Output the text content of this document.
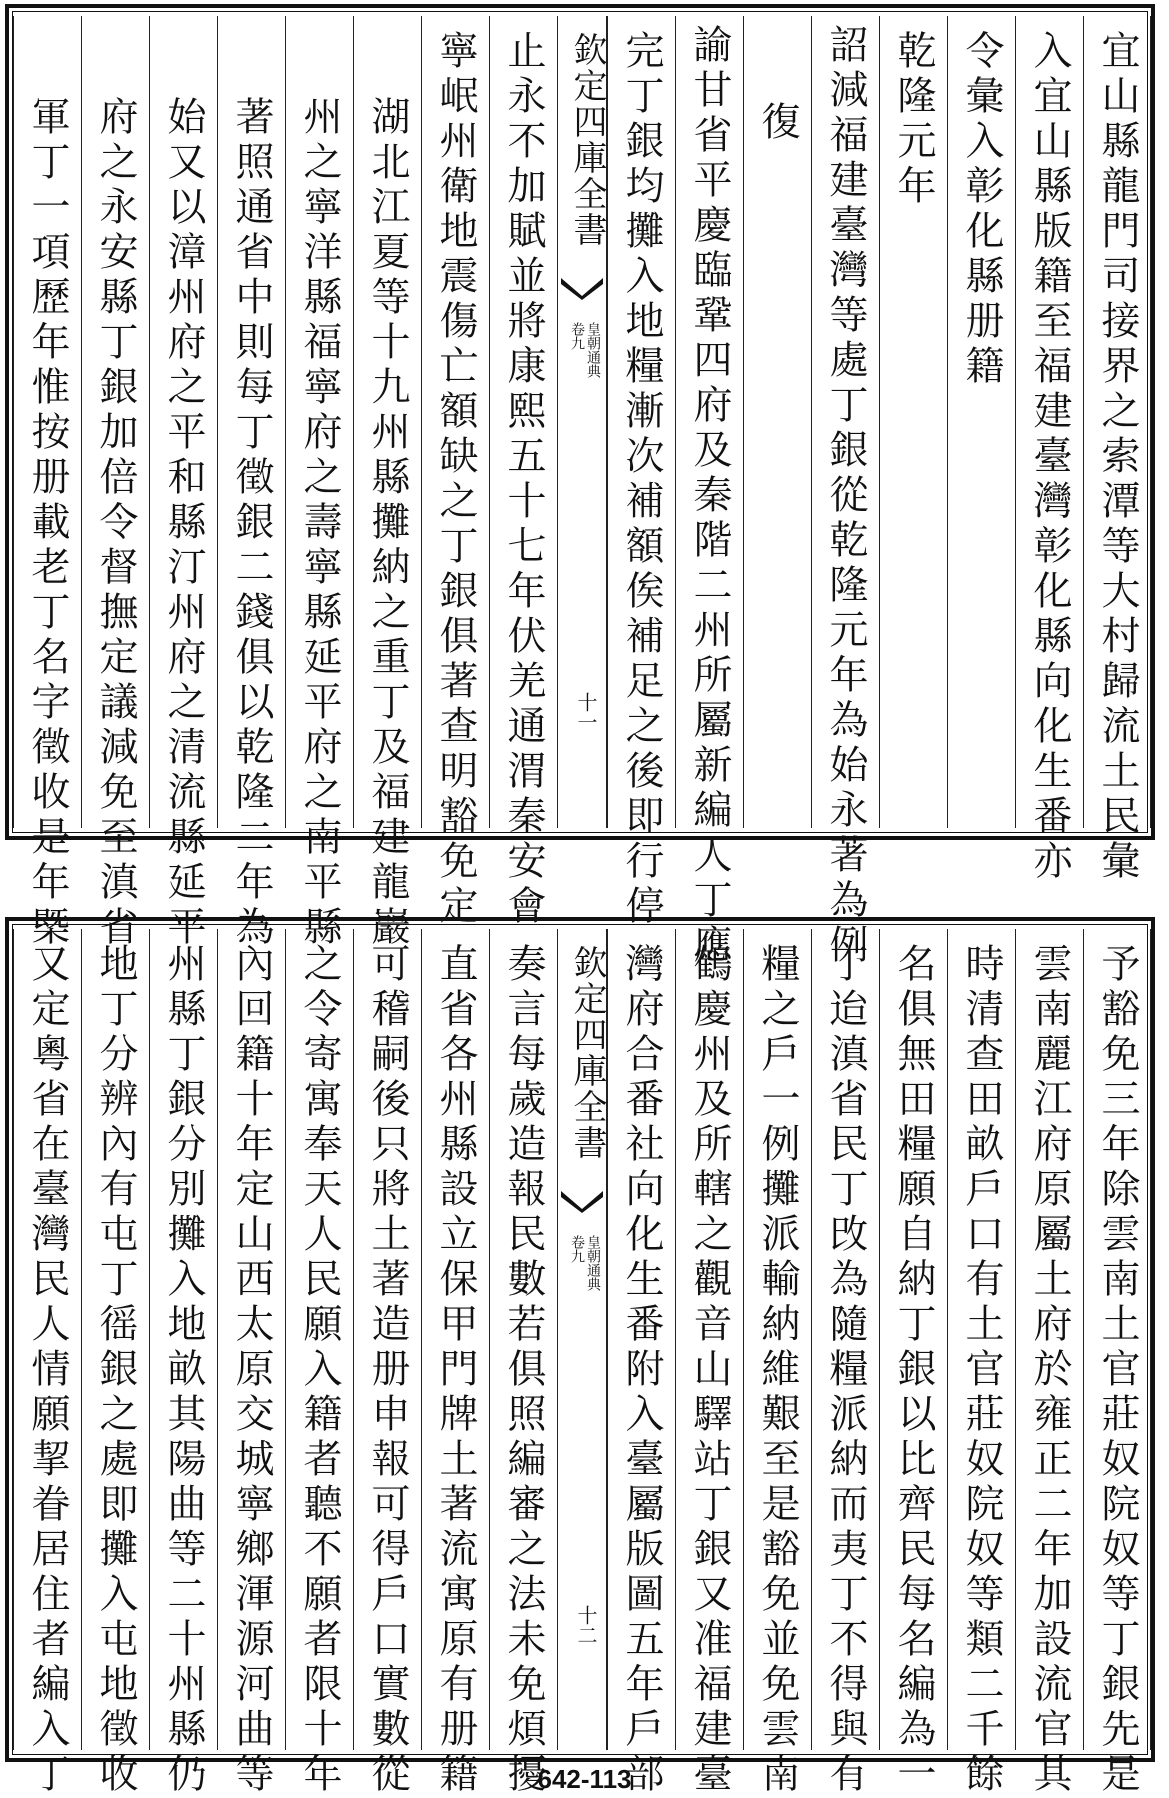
宜山縣龍門司接界之索潭等大村歸流土民彙
入宜山縣版籍至福建臺灣彰化縣向化生番亦
令彙入彰化縣册籍
乾隆元年
詔減福建臺灣等處丁銀從乾隆元年為始永著為例
復
諭甘省平慶臨鞏四府及秦階二州所屬新編人丁應
完丁銀均攤入地糧漸次補額俟補足之後即行停
欽定四庫全書
皇朝通典
卷九
十一
止永不加賦並將康熙五十七年伏羌通渭秦安會
寧岷州衛地震傷亡額缺之丁銀俱著查明豁免定
湖北江夏等十九州縣攤納之重丁及福建龍巖
州之寧洋縣福寧府之壽寧縣延平府之南平縣
著照通省中則每丁徵銀二錢俱以乾隆二年為
始又以漳州府之平和縣汀州府之清流縣延平
府之永安縣丁銀加倍令督撫定議減免至滇省
軍丁一項歷年惟按册載老丁名字徵收是年槩
予豁免三年除雲南土官莊奴院奴等丁銀先是
雲南麗江府原屬土府於雍正二年加設流官其
時清查田畝戶口有土官莊奴院奴等類二千餘
名俱無田糧願自納丁銀以比齊民每名編為一
丁迨滇省民丁攺為隨糧派納而夷丁不得與有
糧之戶一例攤派輸納維艱至是豁免並免雲南
鶴慶州及所轄之觀音山驛站丁銀又准福建臺
灣府合番社向化生番附入臺屬版圖五年戶部
欽定四庫全書
皇朝通典
卷九
十二
奏言每歲造報民數若俱照編審之法未免煩擾
直省各州縣設立保甲門牌土著流寓原有册籍
可稽嗣後只將土著造册申報可得戶口實數從
之令寄寓奉天人民願入籍者聽不願者限十年
內回籍十年定山西太原交城寧鄉渾源河曲等
州縣丁銀分別攤入地畝其陽曲等二十州縣仍
地丁分辨內有屯丁徭銀之處即攤入屯地徵收
又定粵省在臺灣民人情願挈眷居住者編入丁	642-113
